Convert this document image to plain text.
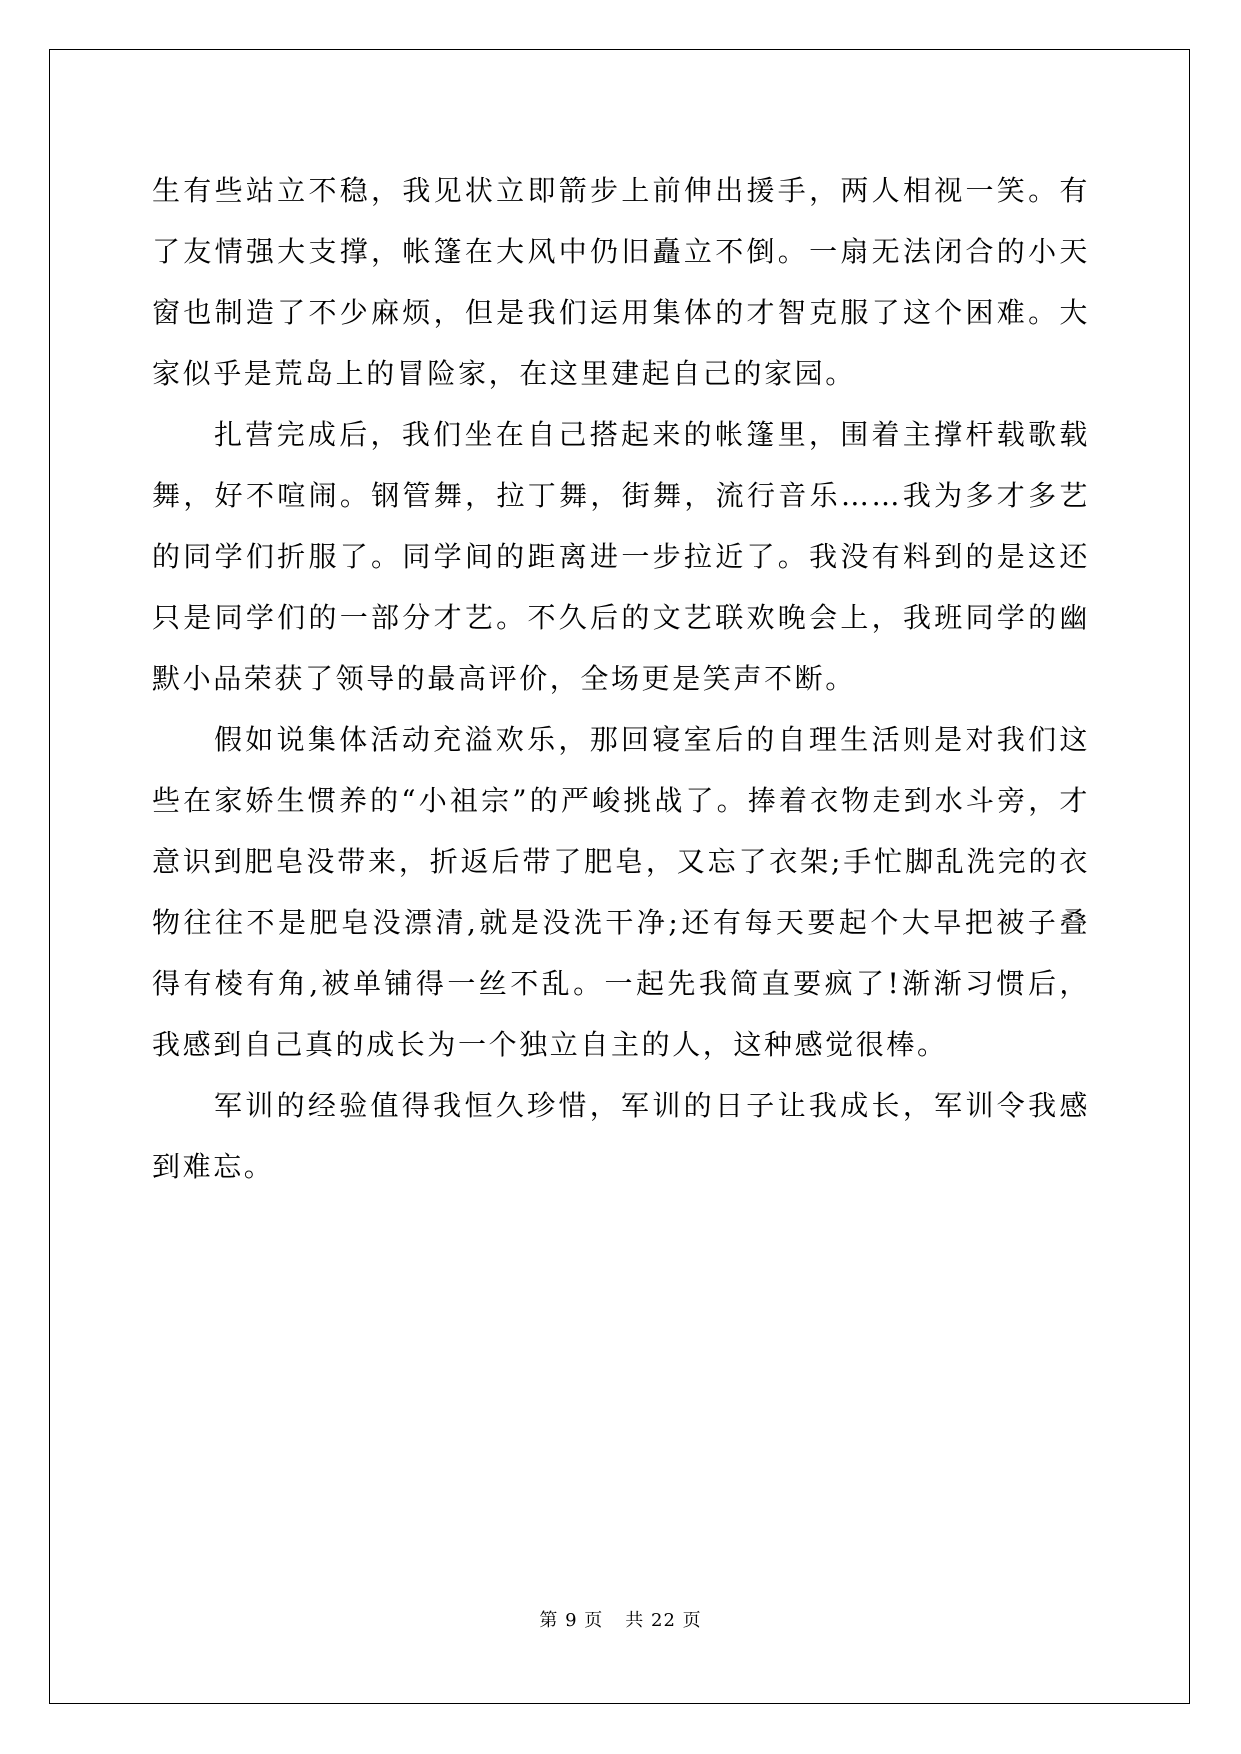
生有些站立不稳，我见状立即箭步上前伸出援手，两人相视一笑。有了友情强大支撑，帐篷在大风中仍旧矗立不倒。一扇无法闭合的小天窗也制造了不少麻烦，但是我们运用集体的才智克服了这个困难。大家似乎是荒岛上的冒险家，在这里建起自己的家园。

扎营完成后，我们坐在自己搭起来的帐篷里，围着主撑杆载歌载舞，好不喧闹。钢管舞，拉丁舞，街舞，流行音乐……我为多才多艺的同学们折服了。同学间的距离进一步拉近了。我没有料到的是这还只是同学们的一部分才艺。不久后的文艺联欢晚会上，我班同学的幽默小品荣获了领导的最高评价，全场更是笑声不断。

假如说集体活动充溢欢乐，那回寝室后的自理生活则是对我们这些在家娇生惯养的“小祖宗”的严峻挑战了。捧着衣物走到水斗旁，才意识到肥皂没带来，折返后带了肥皂，又忘了衣架;手忙脚乱洗完的衣物往往不是肥皂没漂清,就是没洗干净;还有每天要起个大早把被子叠得有棱有角,被单铺得一丝不乱。一起先我简直要疯了!渐渐习惯后，我感到自己真的成长为一个独立自主的人，这种感觉很棒。

军训的经验值得我恒久珍惜，军训的日子让我成长，军训令我感到难忘。

第 9 页 共 22 页
